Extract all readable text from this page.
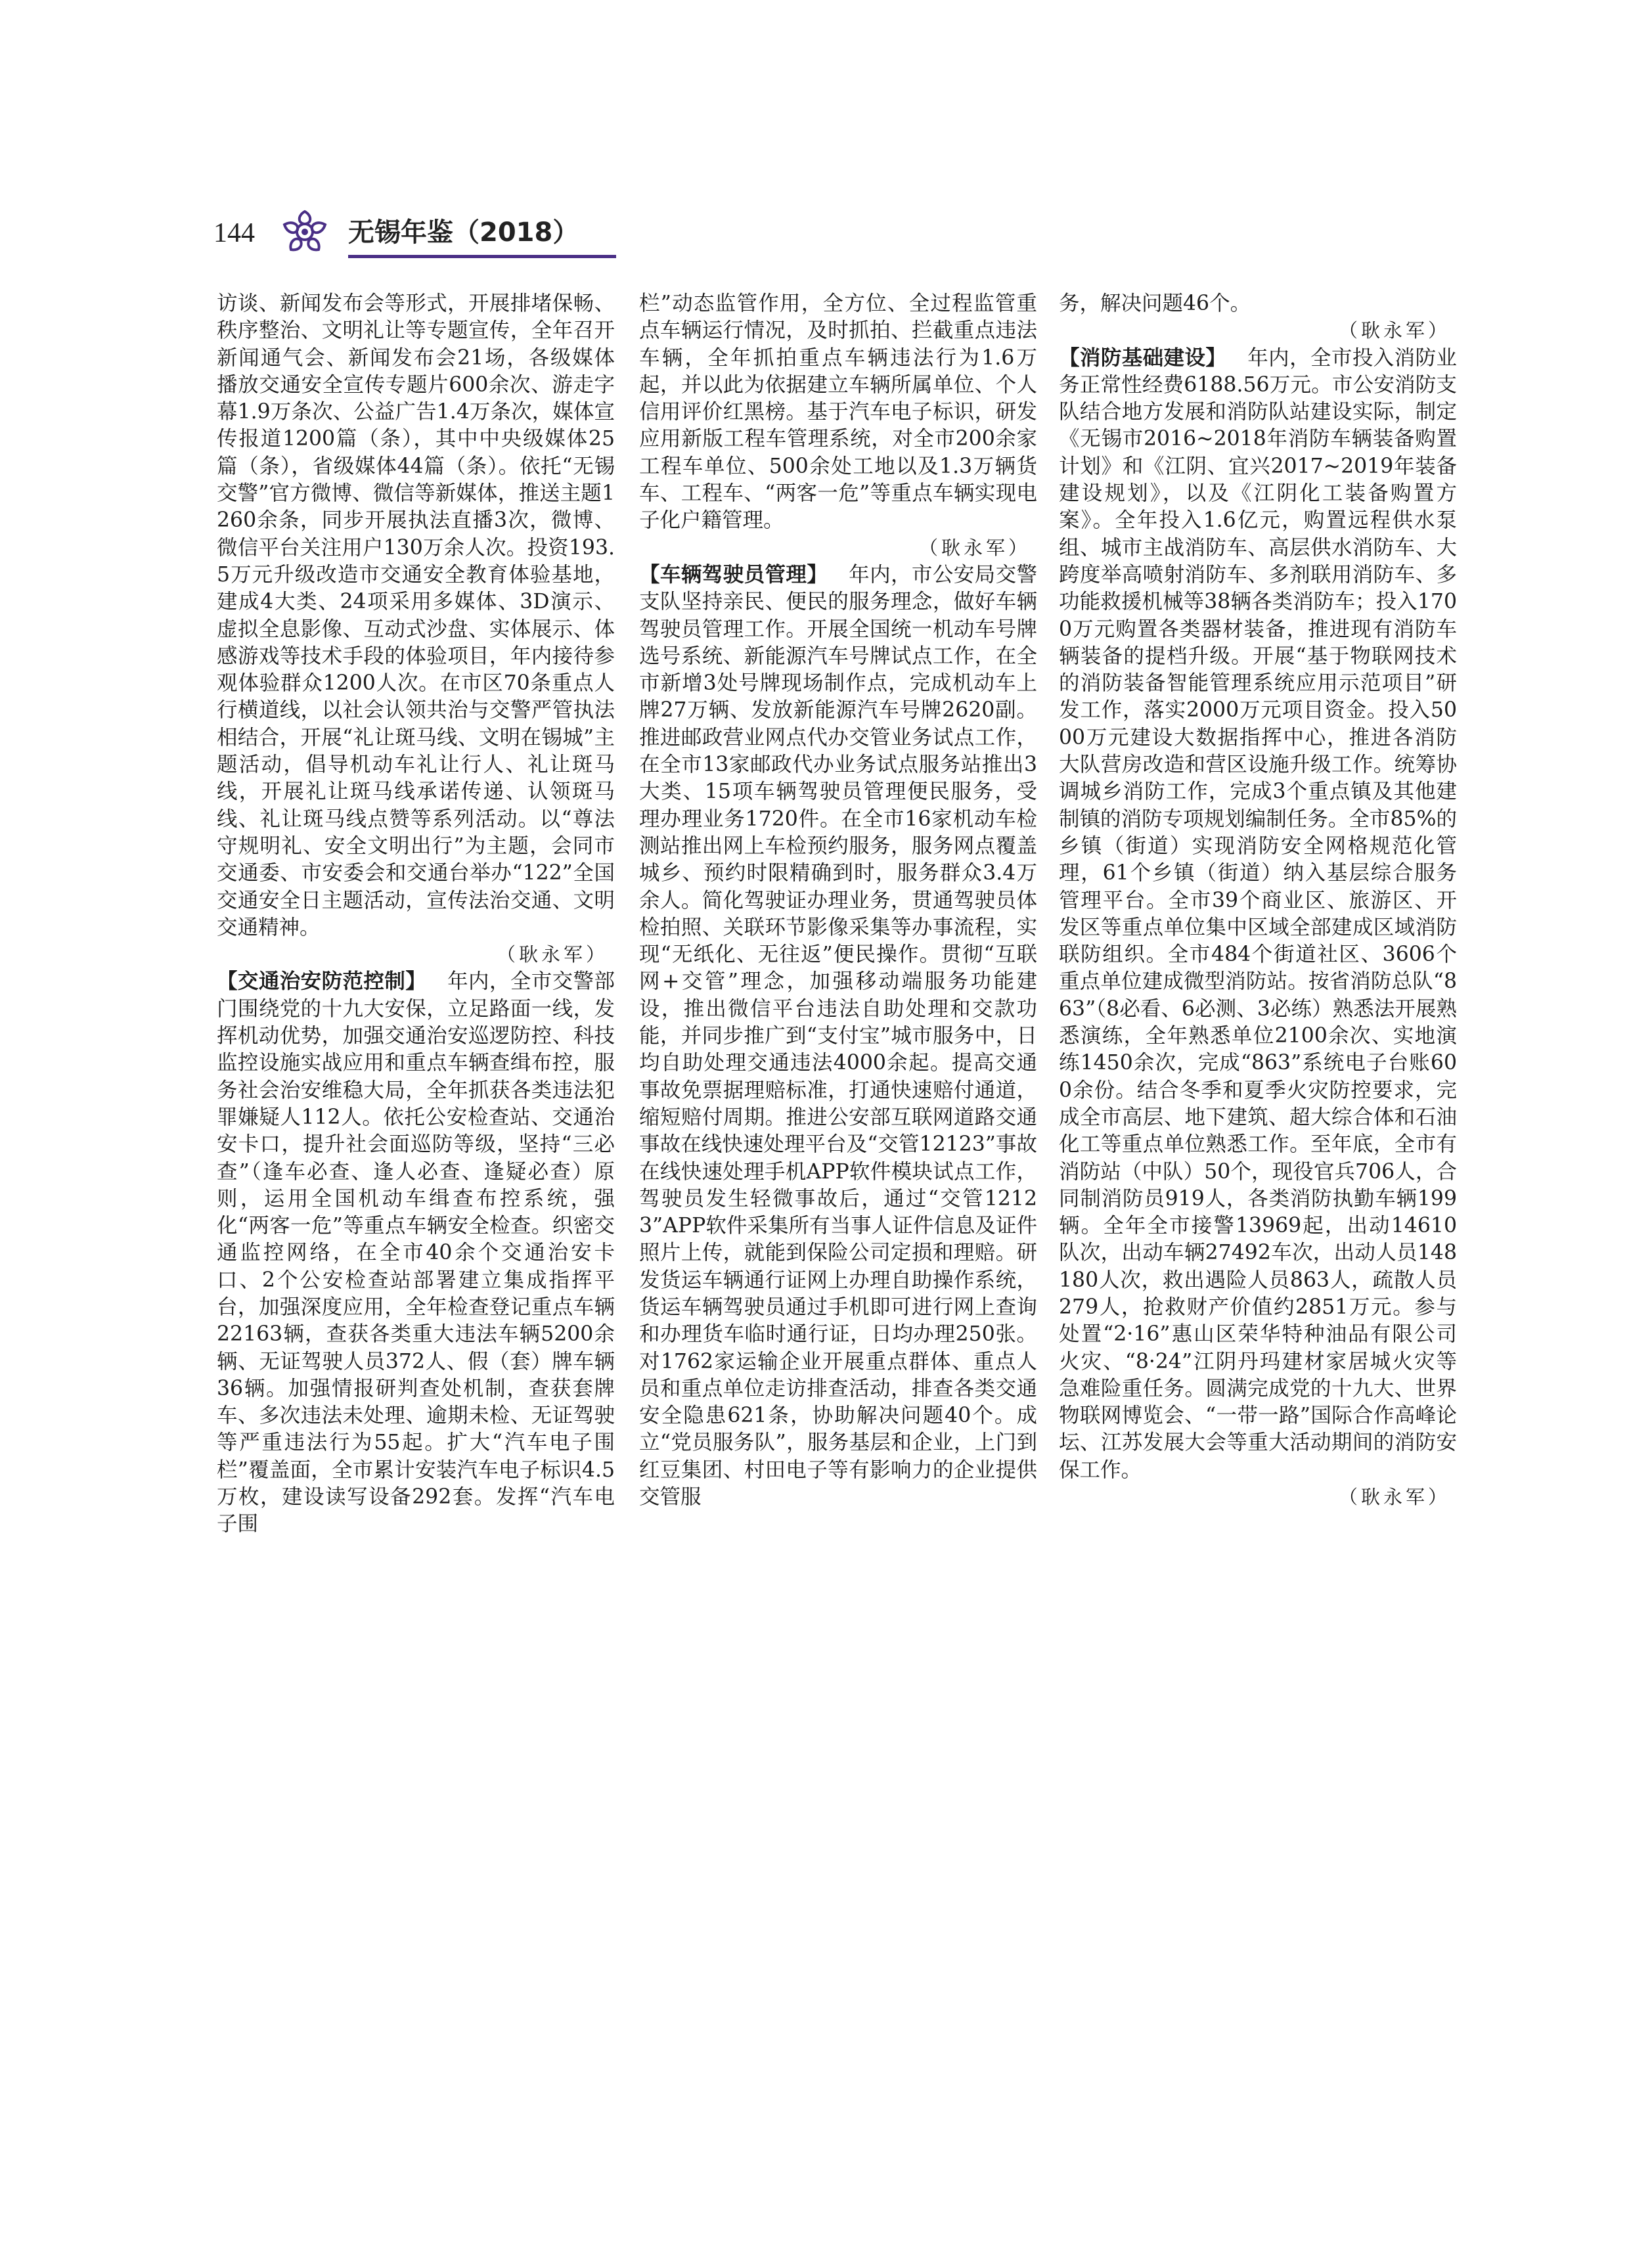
144	无锡年鉴（2018）

访谈、新闻发布会等形式，开展排堵保畅、秩序整治、文明礼让等专题宣传，全年召开新闻通气会、新闻发布会21场，各级媒体播放交通安全宣传专题片600余次、游走字幕1.9万条次、公益广告1.4万条次，媒体宣传报道1200篇（条），其中中央级媒体25篇（条），省级媒体44篇（条）。依托“无锡交警”官方微博、微信等新媒体，推送主题1260余条，同步开展执法直播3次，微博、微信平台关注用户130万余人次。投资193.5万元升级改造市交通安全教育体验基地，建成4大类、24项采用多媒体、3D演示、虚拟全息影像、互动式沙盘、实体展示、体感游戏等技术手段的体验项目，年内接待参观体验群众1200人次。在市区70条重点人行横道线，以社会认领共治与交警严管执法相结合，开展“礼让斑马线、文明在锡城”主题活动，倡导机动车礼让行人、礼让斑马线，开展礼让斑马线承诺传递、认领斑马线、礼让斑马线点赞等系列活动。以“尊法守规明礼、安全文明出行”为主题，会同市交通委、市安委会和交通台举办“122”全国交通安全日主题活动，宣传法治交通、文明交通精神。

（耿永军）

【交通治安防范控制】  年内，全市交警部门围绕党的十九大安保，立足路面一线，发挥机动优势，加强交通治安巡逻防控、科技监控设施实战应用和重点车辆查缉布控，服务社会治安维稳大局，全年抓获各类违法犯罪嫌疑人112人。依托公安检查站、交通治安卡口，提升社会面巡防等级，坚持“三必查”（逢车必查、逢人必查、逢疑必查）原则，运用全国机动车缉查布控系统，强化“两客一危”等重点车辆安全检查。织密交通监控网络，在全市40余个交通治安卡口、2个公安检查站部署建立集成指挥平台，加强深度应用，全年检查登记重点车辆22163辆，查获各类重大违法车辆5200余辆、无证驾驶人员372人、假（套）牌车辆36辆。加强情报研判查处机制，查获套牌车、多次违法未处理、逾期未检、无证驾驶等严重违法行为55起。扩大“汽车电子围栏”覆盖面，全市累计安装汽车电子标识4.5万枚，建设读写设备292套。发挥“汽车电子围

栏”动态监管作用，全方位、全过程监管重点车辆运行情况，及时抓拍、拦截重点违法车辆，全年抓拍重点车辆违法行为1.6万起，并以此为依据建立车辆所属单位、个人信用评价红黑榜。基于汽车电子标识，研发应用新版工程车管理系统，对全市200余家工程车单位、500余处工地以及1.3万辆货车、工程车、“两客一危”等重点车辆实现电子化户籍管理。

（耿永军）

【车辆驾驶员管理】  年内，市公安局交警支队坚持亲民、便民的服务理念，做好车辆驾驶员管理工作。开展全国统一机动车号牌选号系统、新能源汽车号牌试点工作，在全市新增3处号牌现场制作点，完成机动车上牌27万辆、发放新能源汽车号牌2620副。推进邮政营业网点代办交管业务试点工作，在全市13家邮政代办业务试点服务站推出3大类、15项车辆驾驶员管理便民服务，受理办理业务1720件。在全市16家机动车检测站推出网上车检预约服务，服务网点覆盖城乡、预约时限精确到时，服务群众3.4万余人。简化驾驶证办理业务，贯通驾驶员体检拍照、关联环节影像采集等办事流程，实现“无纸化、无往返”便民操作。贯彻“互联网+交管”理念，加强移动端服务功能建设，推出微信平台违法自助处理和交款功能，并同步推广到“支付宝”城市服务中，日均自助处理交通违法4000余起。提高交通事故免票据理赔标准，打通快速赔付通道，缩短赔付周期。推进公安部互联网道路交通事故在线快速处理平台及“交管12123”事故在线快速处理手机APP软件模块试点工作，驾驶员发生轻微事故后，通过“交管12123”APP软件采集所有当事人证件信息及证件照片上传，就能到保险公司定损和理赔。研发货运车辆通行证网上办理自助操作系统，货运车辆驾驶员通过手机即可进行网上查询和办理货车临时通行证，日均办理250张。对1762家运输企业开展重点群体、重点人员和重点单位走访排查活动，排查各类交通安全隐患621条，协助解决问题40个。成立“党员服务队”，服务基层和企业，上门到红豆集团、村田电子等有影响力的企业提供交管服

务，解决问题46个。

（耿永军）

【消防基础建设】  年内，全市投入消防业务正常性经费6188.56万元。市公安消防支队结合地方发展和消防队站建设实际，制定《无锡市2016~2018年消防车辆装备购置计划》和《江阴、宜兴2017~2019年装备建设规划》，以及《江阴化工装备购置方案》。全年投入1.6亿元，购置远程供水泵组、城市主战消防车、高层供水消防车、大跨度举高喷射消防车、多剂联用消防车、多功能救援机械等38辆各类消防车；投入1700万元购置各类器材装备，推进现有消防车辆装备的提档升级。开展“基于物联网技术的消防装备智能管理系统应用示范项目”研发工作，落实2000万元项目资金。投入5000万元建设大数据指挥中心，推进各消防大队营房改造和营区设施升级工作。统筹协调城乡消防工作，完成3个重点镇及其他建制镇的消防专项规划编制任务。全市85%的乡镇（街道）实现消防安全网格规范化管理，61个乡镇（街道）纳入基层综合服务管理平台。全市39个商业区、旅游区、开发区等重点单位集中区域全部建成区域消防联防组织。全市484个街道社区、3606个重点单位建成微型消防站。按省消防总队“863”（8必看、6必测、3必练）熟悉法开展熟悉演练，全年熟悉单位2100余次、实地演练1450余次，完成“863”系统电子台账600余份。结合冬季和夏季火灾防控要求，完成全市高层、地下建筑、超大综合体和石油化工等重点单位熟悉工作。至年底，全市有消防站（中队）50个，现役官兵706人，合同制消防员919人，各类消防执勤车辆199辆。全年全市接警13969起，出动14610队次，出动车辆27492车次，出动人员148180人次，救出遇险人员863人，疏散人员279人，抢救财产价值约2851万元。参与处置“2·16”惠山区荣华特种油品有限公司火灾、“8·24”江阴丹玛建材家居城火灾等急难险重任务。圆满完成党的十九大、世界物联网博览会、“一带一路”国际合作高峰论坛、江苏发展大会等重大活动期间的消防安保工作。

（耿永军）
